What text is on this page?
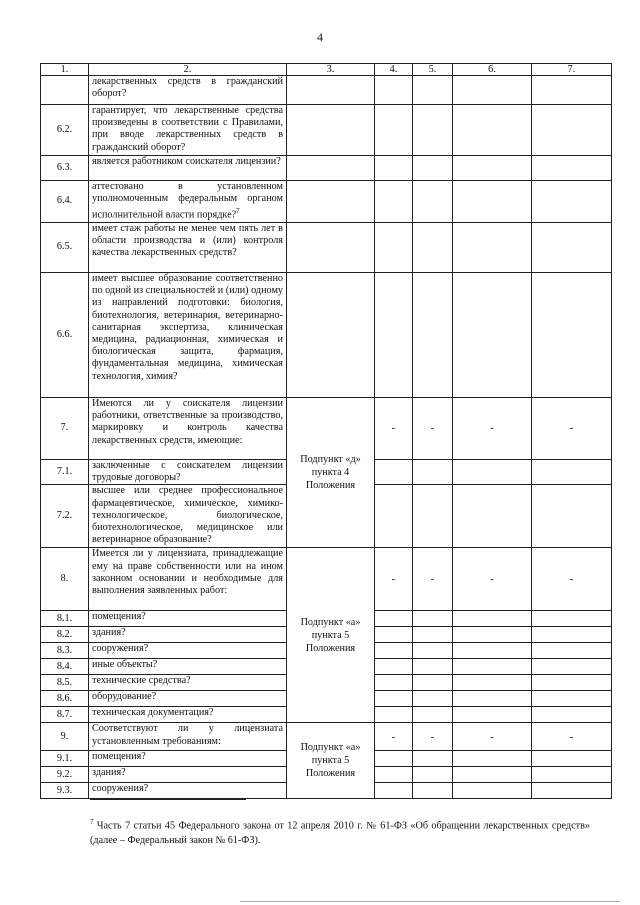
4
1.	2.	3.	4.	5.	6.	7.
	лекарственных средств в гражданский оборот?					
6.2.	гарантирует, что лекарственные средства произведены в соответствии с Правилами, при вводе лекарственных средств в гражданский оборот?					
6.3.	является работником соискателя лицензии?					
6.4.	аттестовано в установленном уполномоченным федеральным органом исполнительной власти порядке?$^7$					
6.5.	имеет стаж работы не менее чем пять лет в области производства и (или) контроля качества лекарственных средств?					
6.6.	имеет высшее образование соответственно по одной из специальностей и (или) одному из направлений подготовки: биология, биотехнология, ветеринария, ветеринарно-санитарная экспертиза, клиническая медицина, радиационная, химическая и биологическая защита, фармация, фундаментальная медицина, химическая технология, химия?					
7.	Имеются ли у соискателя лицензии работники, ответственные за производство, маркировку и контроль качества лекарственных средств, имеющие:	Подпункт «д» пункта 4 Положения	-	-	-	-
7.1.	заключенные с соискателем лицензии трудовые договоры?					
7.2.	высшее или среднее профессиональное фармацевтическое, химическое, химико-технологическое, биологическое, биотехнологическое, медицинское или ветеринарное образование?					
8.	Имеется ли у лицензиата, принадлежащие ему на праве собственности или на ином законном основании и необходимые для выполнения заявленных работ:	Подпункт «а» пункта 5 Положения	-	-	-	-
8.1.	помещения?					
8.2.	здания?					
8.3.	сооружения?					
8.4.	иные объекты?					
8.5.	технические средства?					
8.6.	оборудование?					
8.7.	техническая документация?					
9.	Соответствуют ли у лицензиата установленным требованиям:	Подпункт «а» пункта 5 Положения	-	-	-	-
9.1.	помещения?					
9.2.	здания?					
9.3.	сооружения?					
$^7$ Часть 7 статьи 45 Федерального закона от 12 апреля 2010 г. № 61-ФЗ «Об обращении лекарственных средств» (далее – Федеральный закон № 61-ФЗ).
